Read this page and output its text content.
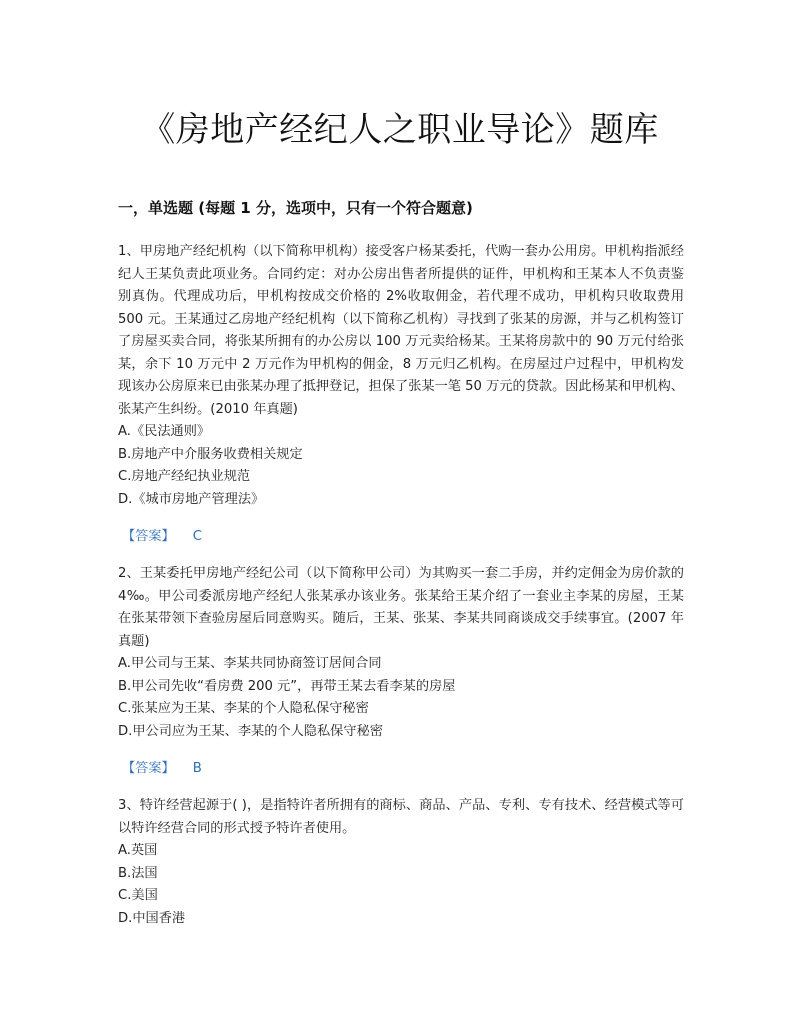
《房地产经纪人之职业导论》题库
一，单选题 (每题 1 分，选项中，只有一个符合题意)

1、甲房地产经纪机构（以下简称甲机构）接受客户杨某委托，代购一套办公用房。甲机构指派经纪人王某负责此项业务。合同约定：对办公房出售者所提供的证件，甲机构和王某本人不负责鉴别真伪。代理成功后，甲机构按成交价格的 2%收取佣金，若代理不成功，甲机构只收取费用 500 元。王某通过乙房地产经纪机构（以下简称乙机构）寻找到了张某的房源，并与乙机构签订了房屋买卖合同，将张某所拥有的办公房以 100 万元卖给杨某。王某将房款中的 90 万元付给张某，余下 10 万元中 2 万元作为甲机构的佣金，8 万元归乙机构。在房屋过户过程中，甲机构发现该办公房原来已由张某办理了抵押登记，担保了张某一笔 50 万元的贷款。因此杨某和甲机构、张某产生纠纷。(2010 年真题)

A.《民法通则》

B.房地产中介服务收费相关规定

C.房地产经纪执业规范

D.《城市房地产管理法》

【答案】 C

2、王某委托甲房地产经纪公司（以下简称甲公司）为其购买一套二手房，并约定佣金为房价款的 4‰。甲公司委派房地产经纪人张某承办该业务。张某给王某介绍了一套业主李某的房屋，王某在张某带领下查验房屋后同意购买。随后，王某、张某、李某共同商谈成交手续事宜。(2007 年真题)

A.甲公司与王某、李某共同协商签订居间合同

B.甲公司先收“看房费 200 元”，再带王某去看李某的房屋

C.张某应为王某、李某的个人隐私保守秘密

D.甲公司应为王某、李某的个人隐私保守秘密

【答案】 B

3、特许经营起源于( )，是指特许者所拥有的商标、商品、产品、专利、专有技术、经营模式等可以特许经营合同的形式授予特许者使用。

A.英国

B.法国

C.美国

D.中国香港
